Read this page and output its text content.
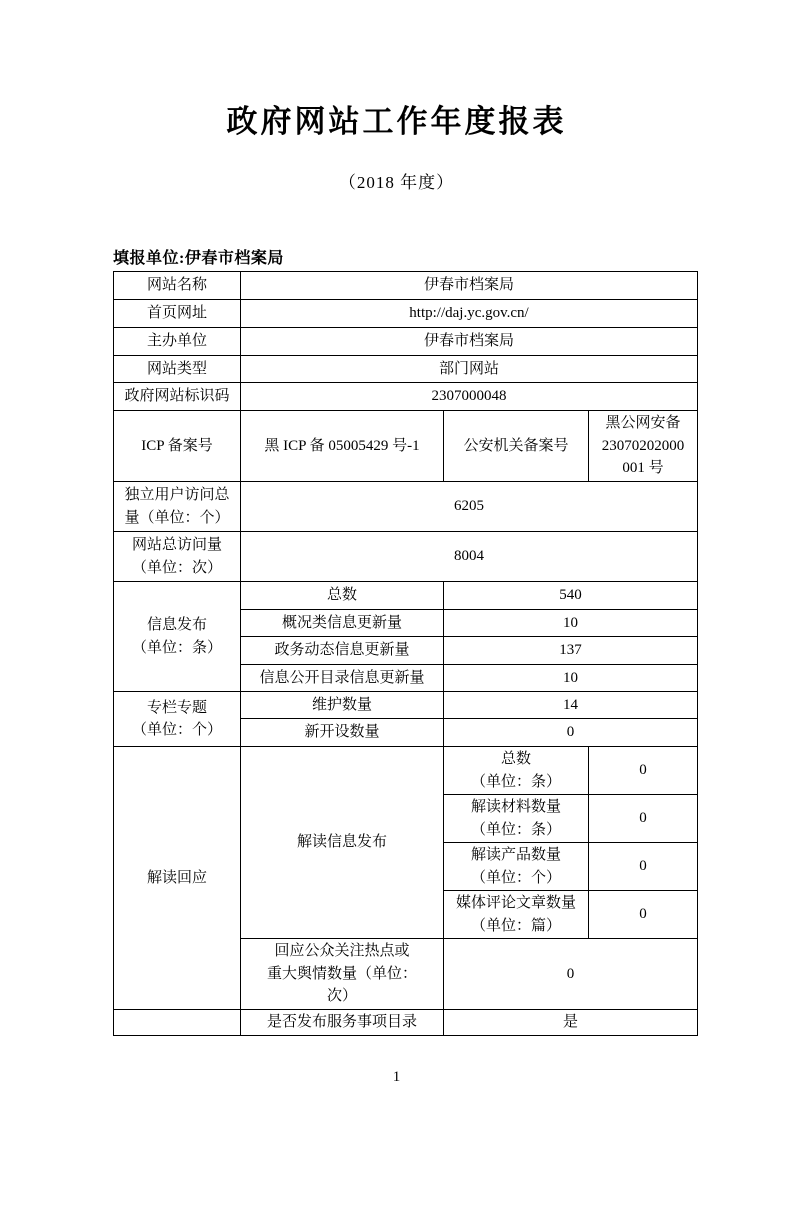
政府网站工作年度报表
（2018 年度）
填报单位:伊春市档案局
网站名称	伊春市档案局		
首页网址	http://daj.yc.gov.cn/		
主办单位	伊春市档案局		
网站类型	部门网站		
政府网站标识码	2307000048		
ICP 备案号	黑 ICP 备 05005429 号-1	公安机关备案号	黑公网安备
23070202000
001 号

独立用户访问总量（单位：个）	6205		

网站总访问量
（单位：次）	8004		

信息发布
（单位：条）	总数	540	
	概况类信息更新量	10	
	政务动态信息更新量	137	
	信息公开目录信息更新量	10	

专栏专题
（单位：个）	维护数量	14	
	新开设数量	0	
解读回应	解读信息发布	总数
（单位：条）	0

		解读材料数量
（单位：条）	0

		解读产品数量
（单位：个）	0

		媒体评论文章数量
（单位：篇）	0

	回应公众关注热点或
重大舆情数量（单位：
次）	0	
	是否发布服务事项目录	是	
1
